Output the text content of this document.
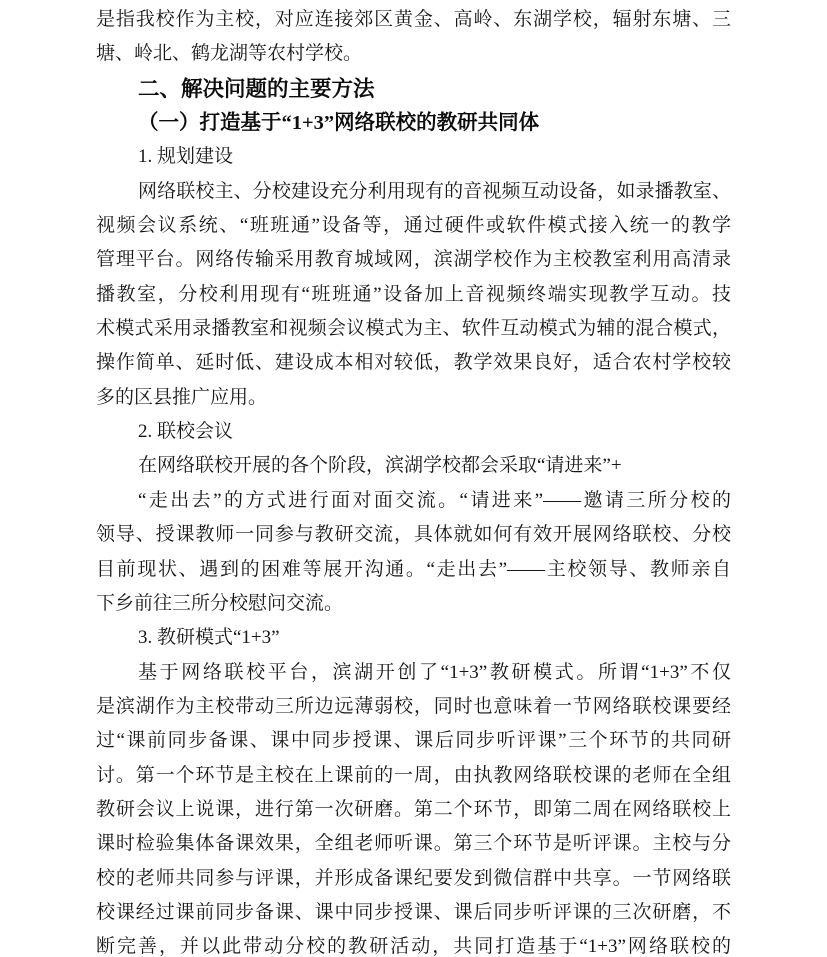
是指我校作为主校，对应连接郊区黄金、高岭、东湖学校，辐射东塘、三
塘、岭北、鹤龙湖等农村学校。
二、解决问题的主要方法
（一）打造基于“1+3”网络联校的教研共同体
1. 规划建设
网络联校主、分校建设充分利用现有的音视频互动设备，如录播教室、
视频会议系统、“班班通”设备等，通过硬件或软件模式接入统一的教学
管理平台。网络传输采用教育城域网，滨湖学校作为主校教室利用高清录
播教室，分校利用现有“班班通”设备加上音视频终端实现教学互动。技
术模式采用录播教室和视频会议模式为主、软件互动模式为辅的混合模式，
操作简单、延时低、建设成本相对较低，教学效果良好，适合农村学校较
多的区县推广应用。
2. 联校会议
在网络联校开展的各个阶段，滨湖学校都会采取“请进来”+
“走出去”的方式进行面对面交流。“请进来”——邀请三所分校的
领导、授课教师一同参与教研交流，具体就如何有效开展网络联校、分校
目前现状、遇到的困难等展开沟通。“走出去”——主校领导、教师亲自
下乡前往三所分校慰问交流。
3. 教研模式“1+3”
基于网络联校平台，滨湖开创了“1+3”教研模式。所谓“1+3”不仅
是滨湖作为主校带动三所边远薄弱校，同时也意味着一节网络联校课要经
过“课前同步备课、课中同步授课、课后同步听评课”三个环节的共同研
讨。第一个环节是主校在上课前的一周，由执教网络联校课的老师在全组
教研会议上说课，进行第一次研磨。第二个环节，即第二周在网络联校上
课时检验集体备课效果，全组老师听课。第三个环节是听评课。主校与分
校的老师共同参与评课，并形成备课纪要发到微信群中共享。一节网络联
校课经过课前同步备课、课中同步授课、课后同步听评课的三次研磨，不
断完善，并以此带动分校的教研活动，共同打造基于“1+3”网络联校的
